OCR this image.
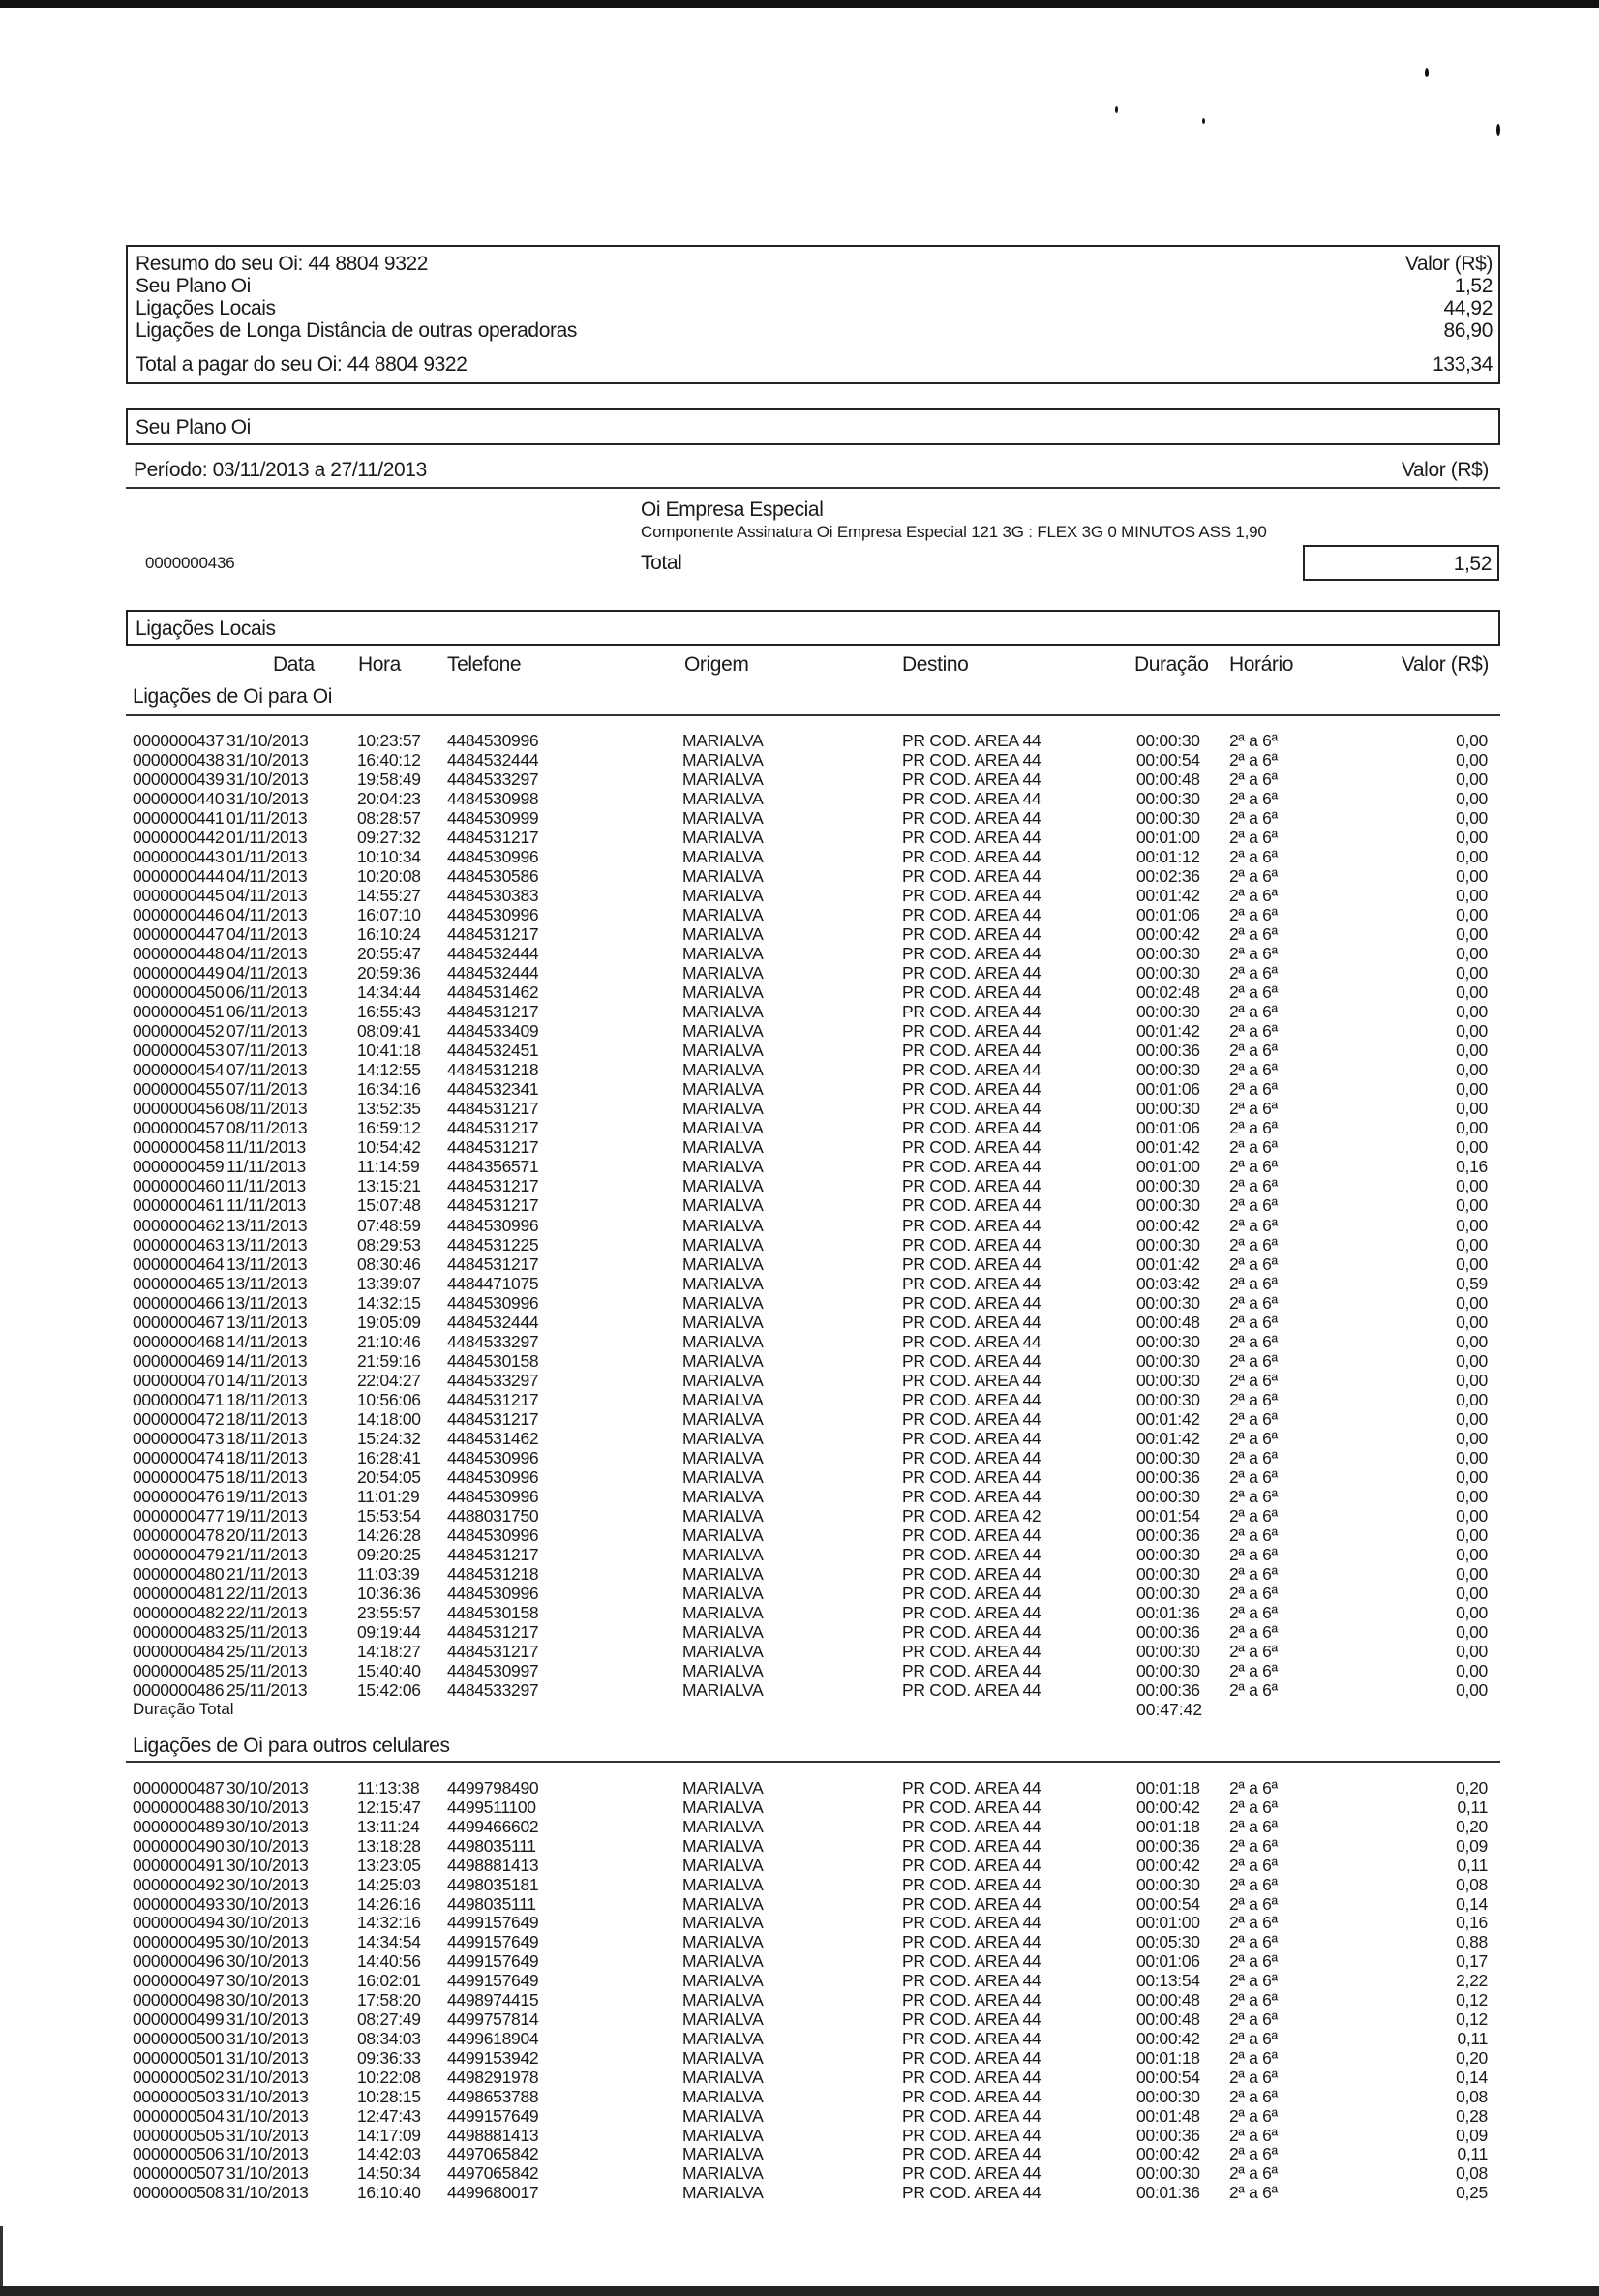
Resumo do seu Oi: 44 8804 9322	Valor (R$)
Seu Plano Oi	1,52
Ligações Locais	44,92
Ligações de Longa Distância de outras operadoras	86,90
Total a pagar do seu Oi: 44 8804 9322	133,34
Seu Plano Oi
Período: 03/11/2013 a 27/11/2013	Valor (R$)
Oi Empresa Especial
Componente Assinatura Oi Empresa Especial 121 3G : FLEX 3G 0 MINUTOS ASS 1,90
0000000436	Total	1,52
Ligações Locais
Data Hora Telefone	Origem	Destino	Duração Horário	Valor (R$)
Ligações de Oi para Oi
0000000437 31/10/2013	10:23:57 4484530996	MARIALVA	PR COD. AREA 44	00:00:30 2ª a 6ª	0,00
0000000438 31/10/2013	16:40:12 4484532444	MARIALVA	PR COD. AREA 44	00:00:54 2ª a 6ª	0,00
0000000439 31/10/2013	19:58:49 4484533297	MARIALVA	PR COD. AREA 44	00:00:48 2ª a 6ª	0,00
0000000440 31/10/2013	20:04:23 4484530998	MARIALVA	PR COD. AREA 44	00:00:30 2ª a 6ª	0,00
0000000441 01/11/2013	08:28:57 4484530999	MARIALVA	PR COD. AREA 44	00:00:30 2ª a 6ª	0,00
0000000442 01/11/2013	09:27:32 4484531217	MARIALVA	PR COD. AREA 44	00:01:00 2ª a 6ª	0,00
0000000443 01/11/2013	10:10:34 4484530996	MARIALVA	PR COD. AREA 44	00:01:12 2ª a 6ª	0,00
0000000444 04/11/2013	10:20:08 4484530586	MARIALVA	PR COD. AREA 44	00:02:36 2ª a 6ª	0,00
0000000445 04/11/2013	14:55:27 4484530383	MARIALVA	PR COD. AREA 44	00:01:42 2ª a 6ª	0,00
0000000446 04/11/2013	16:07:10 4484530996	MARIALVA	PR COD. AREA 44	00:01:06 2ª a 6ª	0,00
0000000447 04/11/2013	16:10:24 4484531217	MARIALVA	PR COD. AREA 44	00:00:42 2ª a 6ª	0,00
0000000448 04/11/2013	20:55:47 4484532444	MARIALVA	PR COD. AREA 44	00:00:30 2ª a 6ª	0,00
0000000449 04/11/2013	20:59:36 4484532444	MARIALVA	PR COD. AREA 44	00:00:30 2ª a 6ª	0,00
0000000450 06/11/2013	14:34:44 4484531462	MARIALVA	PR COD. AREA 44	00:02:48 2ª a 6ª	0,00
0000000451 06/11/2013	16:55:43 4484531217	MARIALVA	PR COD. AREA 44	00:00:30 2ª a 6ª	0,00
0000000452 07/11/2013	08:09:41 4484533409	MARIALVA	PR COD. AREA 44	00:01:42 2ª a 6ª	0,00
0000000453 07/11/2013	10:41:18 4484532451	MARIALVA	PR COD. AREA 44	00:00:36 2ª a 6ª	0,00
0000000454 07/11/2013	14:12:55 4484531218	MARIALVA	PR COD. AREA 44	00:00:30 2ª a 6ª	0,00
0000000455 07/11/2013	16:34:16 4484532341	MARIALVA	PR COD. AREA 44	00:01:06 2ª a 6ª	0,00
0000000456 08/11/2013	13:52:35 4484531217	MARIALVA	PR COD. AREA 44	00:00:30 2ª a 6ª	0,00
0000000457 08/11/2013	16:59:12 4484531217	MARIALVA	PR COD. AREA 44	00:01:06 2ª a 6ª	0,00
0000000458 11/11/2013	10:54:42 4484531217	MARIALVA	PR COD. AREA 44	00:01:42 2ª a 6ª	0,00
0000000459 11/11/2013	11:14:59 4484356571	MARIALVA	PR COD. AREA 44	00:01:00 2ª a 6ª	0,16
0000000460 11/11/2013	13:15:21 4484531217	MARIALVA	PR COD. AREA 44	00:00:30 2ª a 6ª	0,00
0000000461 11/11/2013	15:07:48 4484531217	MARIALVA	PR COD. AREA 44	00:00:30 2ª a 6ª	0,00
0000000462 13/11/2013	07:48:59 4484530996	MARIALVA	PR COD. AREA 44	00:00:42 2ª a 6ª	0,00
0000000463 13/11/2013	08:29:53 4484531225	MARIALVA	PR COD. AREA 44	00:00:30 2ª a 6ª	0,00
0000000464 13/11/2013	08:30:46 4484531217	MARIALVA	PR COD. AREA 44	00:01:42 2ª a 6ª	0,00
0000000465 13/11/2013	13:39:07 4484471075	MARIALVA	PR COD. AREA 44	00:03:42 2ª a 6ª	0,59
0000000466 13/11/2013	14:32:15 4484530996	MARIALVA	PR COD. AREA 44	00:00:30 2ª a 6ª	0,00
0000000467 13/11/2013	19:05:09 4484532444	MARIALVA	PR COD. AREA 44	00:00:48 2ª a 6ª	0,00
0000000468 14/11/2013	21:10:46 4484533297	MARIALVA	PR COD. AREA 44	00:00:30 2ª a 6ª	0,00
0000000469 14/11/2013	21:59:16 4484530158	MARIALVA	PR COD. AREA 44	00:00:30 2ª a 6ª	0,00
0000000470 14/11/2013	22:04:27 4484533297	MARIALVA	PR COD. AREA 44	00:00:30 2ª a 6ª	0,00
0000000471 18/11/2013	10:56:06 4484531217	MARIALVA	PR COD. AREA 44	00:00:30 2ª a 6ª	0,00
0000000472 18/11/2013	14:18:00 4484531217	MARIALVA	PR COD. AREA 44	00:01:42 2ª a 6ª	0,00
0000000473 18/11/2013	15:24:32 4484531462	MARIALVA	PR COD. AREA 44	00:01:42 2ª a 6ª	0,00
0000000474 18/11/2013	16:28:41 4484530996	MARIALVA	PR COD. AREA 44	00:00:30 2ª a 6ª	0,00
0000000475 18/11/2013	20:54:05 4484530996	MARIALVA	PR COD. AREA 44	00:00:36 2ª a 6ª	0,00
0000000476 19/11/2013	11:01:29 4484530996	MARIALVA	PR COD. AREA 44	00:00:30 2ª a 6ª	0,00
0000000477 19/11/2013	15:53:54 4488031750	MARIALVA	PR COD. AREA 42	00:01:54 2ª a 6ª	0,00
0000000478 20/11/2013	14:26:28 4484530996	MARIALVA	PR COD. AREA 44	00:00:36 2ª a 6ª	0,00
0000000479 21/11/2013	09:20:25 4484531217	MARIALVA	PR COD. AREA 44	00:00:30 2ª a 6ª	0,00
0000000480 21/11/2013	11:03:39 4484531218	MARIALVA	PR COD. AREA 44	00:00:30 2ª a 6ª	0,00
0000000481 22/11/2013	10:36:36 4484530996	MARIALVA	PR COD. AREA 44	00:00:30 2ª a 6ª	0,00
0000000482 22/11/2013	23:55:57 4484530158	MARIALVA	PR COD. AREA 44	00:01:36 2ª a 6ª	0,00
0000000483 25/11/2013	09:19:44 4484531217	MARIALVA	PR COD. AREA 44	00:00:36 2ª a 6ª	0,00
0000000484 25/11/2013	14:18:27 4484531217	MARIALVA	PR COD. AREA 44	00:00:30 2ª a 6ª	0,00
0000000485 25/11/2013	15:40:40 4484530997	MARIALVA	PR COD. AREA 44	00:00:30 2ª a 6ª	0,00
0000000486 25/11/2013	15:42:06 4484533297	MARIALVA	PR COD. AREA 44	00:00:36 2ª a 6ª	0,00
Duração Total	00:47:42
Ligações de Oi para outros celulares
0000000487 30/10/2013	11:13:38 4499798490	MARIALVA	PR COD. AREA 44	00:01:18 2ª a 6ª	0,20
0000000488 30/10/2013	12:15:47 4499511100	MARIALVA	PR COD. AREA 44	00:00:42 2ª a 6ª	0,11
0000000489 30/10/2013	13:11:24 4499466602	MARIALVA	PR COD. AREA 44	00:01:18 2ª a 6ª	0,20
0000000490 30/10/2013	13:18:28 4498035111	MARIALVA	PR COD. AREA 44	00:00:36 2ª a 6ª	0,09
0000000491 30/10/2013	13:23:05 4498881413	MARIALVA	PR COD. AREA 44	00:00:42 2ª a 6ª	0,11
0000000492 30/10/2013	14:25:03 4498035181	MARIALVA	PR COD. AREA 44	00:00:30 2ª a 6ª	0,08
0000000493 30/10/2013	14:26:16 4498035111	MARIALVA	PR COD. AREA 44	00:00:54 2ª a 6ª	0,14
0000000494 30/10/2013	14:32:16 4499157649	MARIALVA	PR COD. AREA 44	00:01:00 2ª a 6ª	0,16
0000000495 30/10/2013	14:34:54 4499157649	MARIALVA	PR COD. AREA 44	00:05:30 2ª a 6ª	0,88
0000000496 30/10/2013	14:40:56 4499157649	MARIALVA	PR COD. AREA 44	00:01:06 2ª a 6ª	0,17
0000000497 30/10/2013	16:02:01 4499157649	MARIALVA	PR COD. AREA 44	00:13:54 2ª a 6ª	2,22
0000000498 30/10/2013	17:58:20 4498974415	MARIALVA	PR COD. AREA 44	00:00:48 2ª a 6ª	0,12
0000000499 31/10/2013	08:27:49 4499757814	MARIALVA	PR COD. AREA 44	00:00:48 2ª a 6ª	0,12
0000000500 31/10/2013	08:34:03 4499618904	MARIALVA	PR COD. AREA 44	00:00:42 2ª a 6ª	0,11
0000000501 31/10/2013	09:36:33 4499153942	MARIALVA	PR COD. AREA 44	00:01:18 2ª a 6ª	0,20
0000000502 31/10/2013	10:22:08 4498291978	MARIALVA	PR COD. AREA 44	00:00:54 2ª a 6ª	0,14
0000000503 31/10/2013	10:28:15 4498653788	MARIALVA	PR COD. AREA 44	00:00:30 2ª a 6ª	0,08
0000000504 31/10/2013	12:47:43 4499157649	MARIALVA	PR COD. AREA 44	00:01:48 2ª a 6ª	0,28
0000000505 31/10/2013	14:17:09 4498881413	MARIALVA	PR COD. AREA 44	00:00:36 2ª a 6ª	0,09
0000000506 31/10/2013	14:42:03 4497065842	MARIALVA	PR COD. AREA 44	00:00:42 2ª a 6ª	0,11
0000000507 31/10/2013	14:50:34 4497065842	MARIALVA	PR COD. AREA 44	00:00:30 2ª a 6ª	0,08
0000000508 31/10/2013	16:10:40 4499680017	MARIALVA	PR COD. AREA 44	00:01:36 2ª a 6ª	0,25
